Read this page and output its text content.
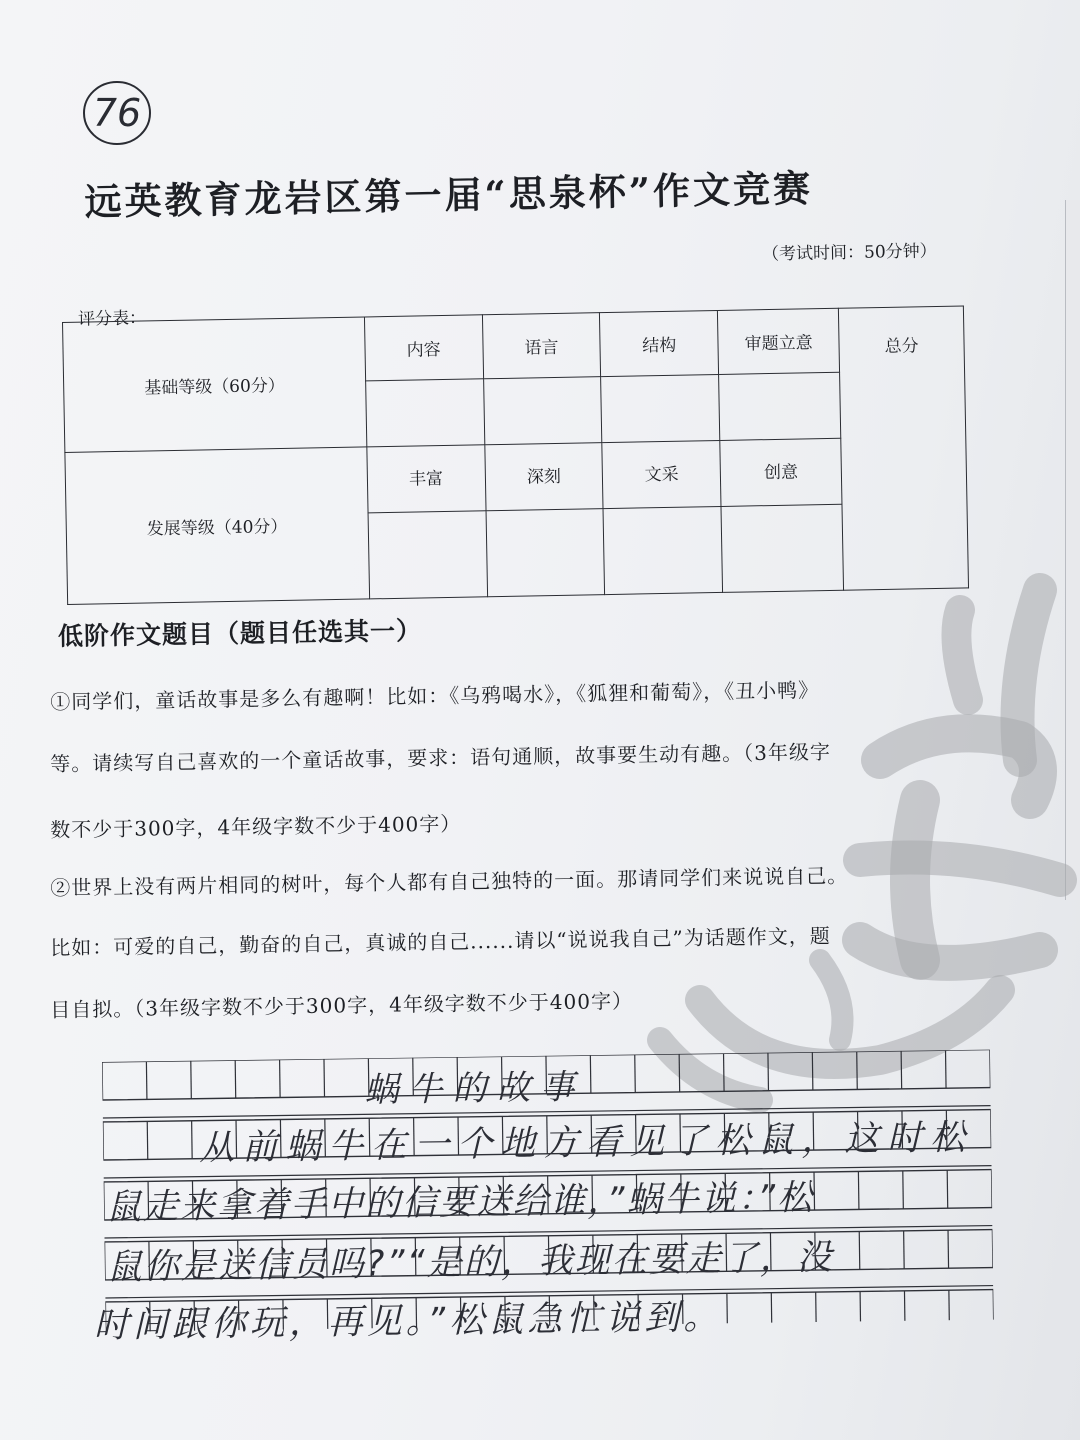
76
远英教育龙岩区第一届“思泉杯”作文竞赛
（考试时间：50分钟）
评分表：
基础等级（60分）	内容	语言	结构	审题立意	总分

发展等级（40分）	丰富	深刻	文采	创意	

低阶作文题目（题目任选其一）
①同学们，童话故事是多么有趣啊！比如：《乌鸦喝水》，《狐狸和葡萄》，《丑小鸭》
等。请续写自己喜欢的一个童话故事，要求：语句通顺，故事要生动有趣。（3年级字
数不少于300字，4年级字数不少于400字）
②世界上没有两片相同的树叶，每个人都有自己独特的一面。那请同学们来说说自己。
比如：可爱的自己，勤奋的自己，真诚的自己......请以“说说我自己”为话题作文，题
目自拟。（3年级字数不少于300字，4年级字数不少于400字）
蜗牛的故事
从前蜗牛在一个地方看见了松鼠，这时松
鼠走来拿着手中的信要送给谁，”蜗牛说：”松
鼠你是送信员吗?”“是的，我现在要走了，没
时间跟你玩，再见。”松鼠急忙说到。
